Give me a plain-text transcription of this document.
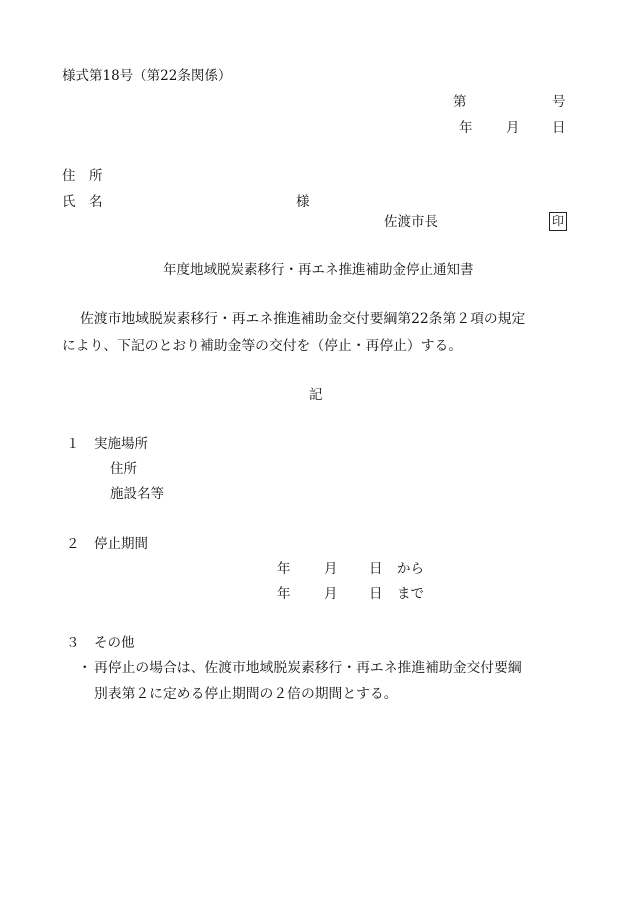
様式第18号（第22条関係）
第	号
年 月 日
住　所
氏　名	様
佐渡市長	印
年度地域脱炭素移行・再エネ推進補助金停止通知書
佐渡市地域脱炭素移行・再エネ推進補助金交付要綱第22条第２項の規定
により、下記のとおり補助金等の交付を（停止・再停止）する。
記
１ 実施場所
住所
施設名等
２ 停止期間
年 月 日 から
年 月 日 まで
３ その他
・ 再停止の場合は、佐渡市地域脱炭素移行・再エネ推進補助金交付要綱
別表第２に定める停止期間の２倍の期間とする。
